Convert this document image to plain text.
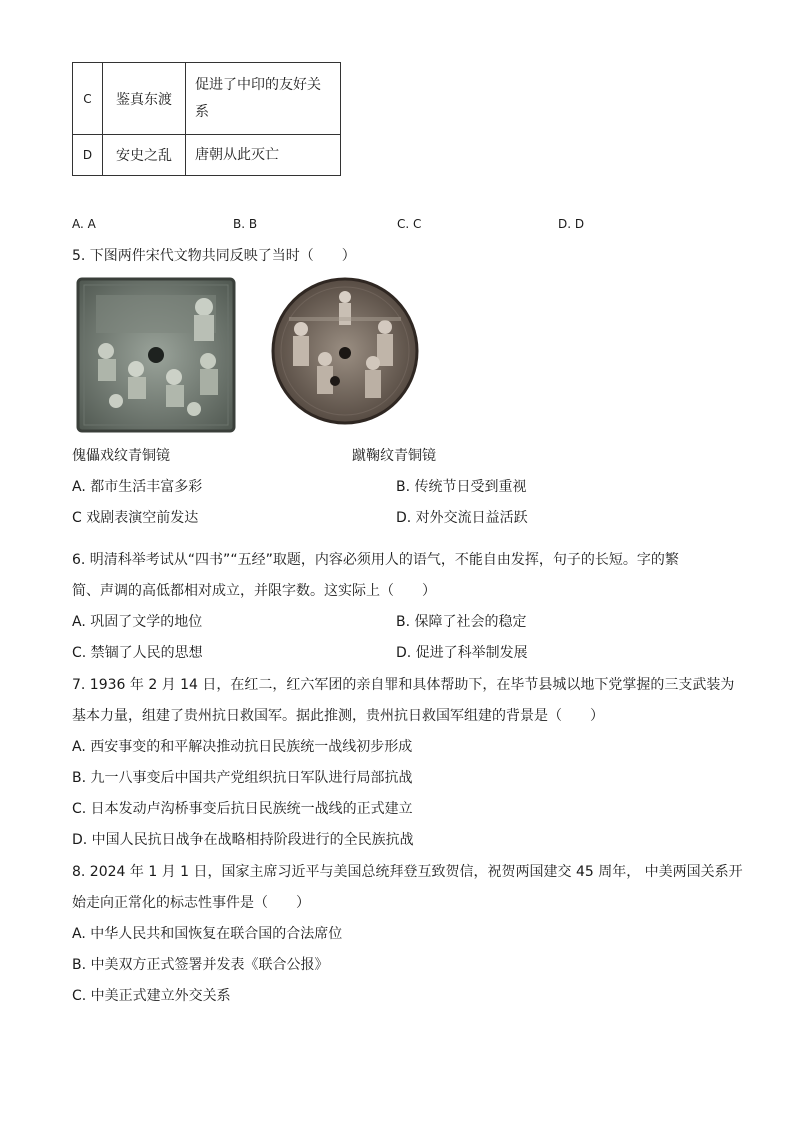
C	鉴真东渡	促进了中印的友好关
系

D	安史之乱	唐朝从此灭亡
A. A	B. B	C. C	D. D
5. 下图两件宋代文物共同反映了当时（　　）
傀儡戏纹青铜镜	蹴鞠纹青铜镜
A. 都市生活丰富多彩	B. 传统节日受到重视
C 戏剧表演空前发达	D. 对外交流日益活跃
6. 明清科举考试从“四书”“五经”取题，内容必须用人的语气，不能自由发挥，句子的长短。字的繁
简、声调的高低都相对成立，并限字数。这实际上（　　）
A. 巩固了文学的地位	B. 保障了社会的稳定
C. 禁锢了人民的思想	D. 促进了科举制发展
7. 1936 年 2 月 14 日，在红二，红六军团的亲自罪和具体帮助下，在毕节县城以地下党掌握的三支武装为
基本力量，组建了贵州抗日救国军。据此推测，贵州抗日救国军组建的背景是（　　）
A. 西安事变的和平解决推动抗日民族统一战线初步形成
B. 九一八事变后中国共产党组织抗日军队进行局部抗战
C. 日本发动卢沟桥事变后抗日民族统一战线的正式建立
D. 中国人民抗日战争在战略相持阶段进行的全民族抗战
8. 2024 年 1 月 1 日，国家主席习近平与美国总统拜登互致贺信，祝贺两国建交 45 周年， 中美两国关系开
始走向正常化的标志性事件是（　　）
A. 中华人民共和国恢复在联合国的合法席位
B. 中美双方正式签署并发表《联合公报》
C. 中美正式建立外交关系
